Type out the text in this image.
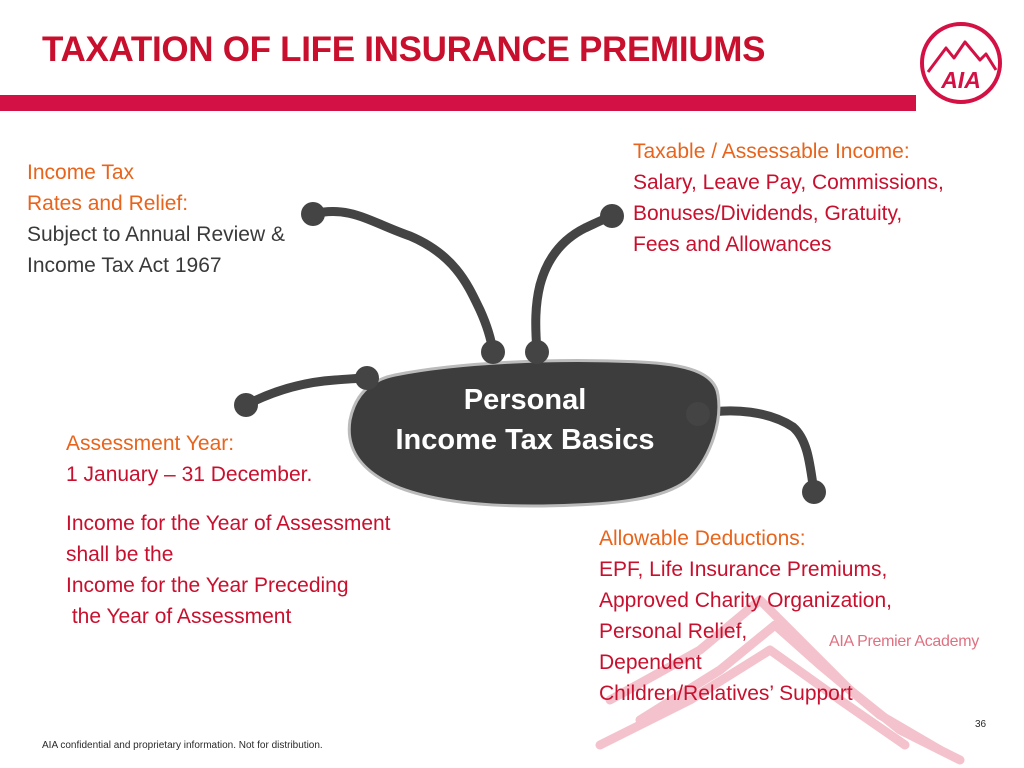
TAXATION OF LIFE INSURANCE PREMIUMS
AIA
Personal
Income Tax Basics
Income Tax
Rates and Relief:
Subject to Annual Review &
Income Tax Act 1967
Taxable / Assessable Income:
Salary, Leave Pay, Commissions,
Bonuses/Dividends, Gratuity,
Fees and Allowances
Assessment Year:
1 January – 31 December.
Income for the Year of Assessment
shall be the
Income for the Year Preceding
the Year of Assessment
Allowable Deductions:
EPF, Life Insurance Premiums,
Approved Charity Organization,
Personal Relief,
Dependent
Children/Relatives’ Support
AIA Premier Academy
36
AIA confidential and proprietary information. Not for distribution.
